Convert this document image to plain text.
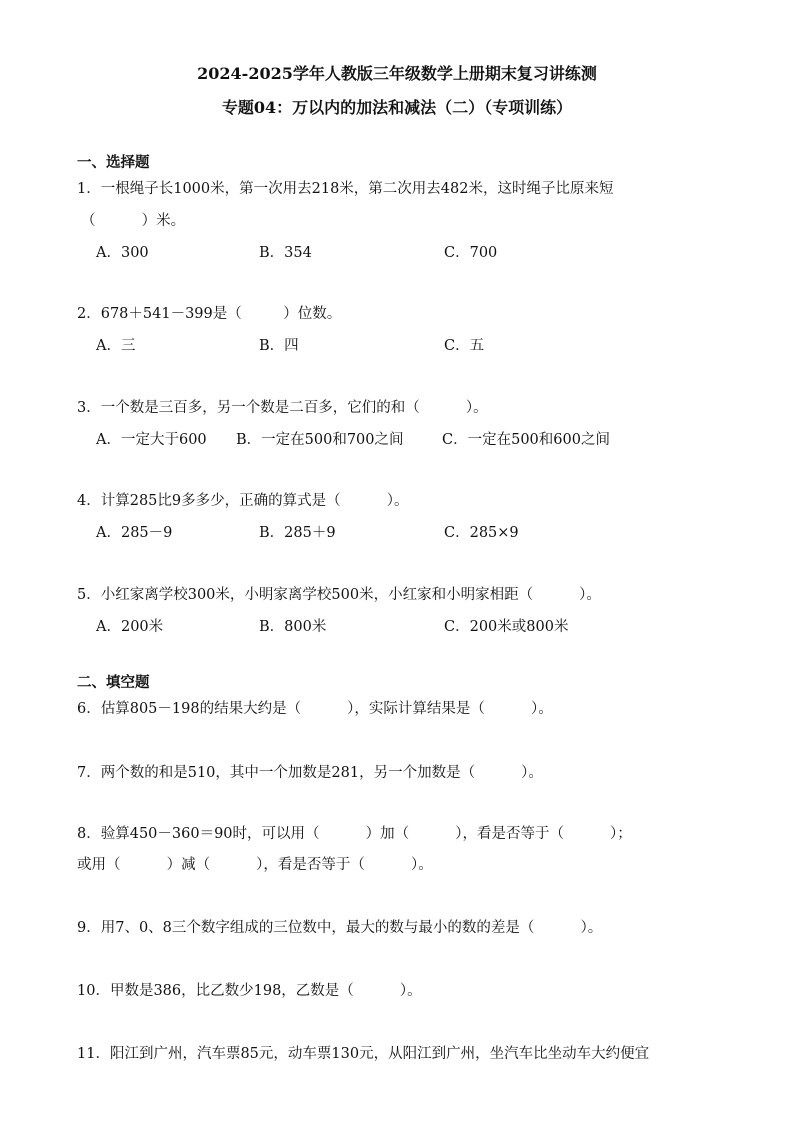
2024-2025学年人教版三年级数学上册期末复习讲练测
专题04：万以内的加法和减法（二）（专项训练）
一、选择题
1．一根绳子长1000米，第一次用去218米，第二次用去482米，这时绳子比原来短
（          ）米。
A．300	B．354	C．700
2．678＋541－399是（         ）位数。
A．三	B．四	C．五
3．一个数是三百多，另一个数是二百多，它们的和（          ）。
A．一定大于600 B．一定在500和700之间	C．一定在500和600之间
4．计算285比9多多少，正确的算式是（          ）。
A．285－9	B．285＋9	C．285×9
5．小红家离学校300米，小明家离学校500米，小红家和小明家相距（          ）。
A．200米	B．800米	C．200米或800米
二、填空题
6．估算805－198的结果大约是（          ），实际计算结果是（          ）。
7．两个数的和是510，其中一个加数是281，另一个加数是（          ）。
8．验算450－360＝90时，可以用（          ）加（          ），看是否等于（          ）；
或用（          ）减（          ），看是否等于（          ）。
9．用7、0、8三个数字组成的三位数中，最大的数与最小的数的差是（          ）。
10．甲数是386，比乙数少198，乙数是（          ）。
11．阳江到广州，汽车票85元，动车票130元，从阳江到广州，坐汽车比坐动车大约便宜
